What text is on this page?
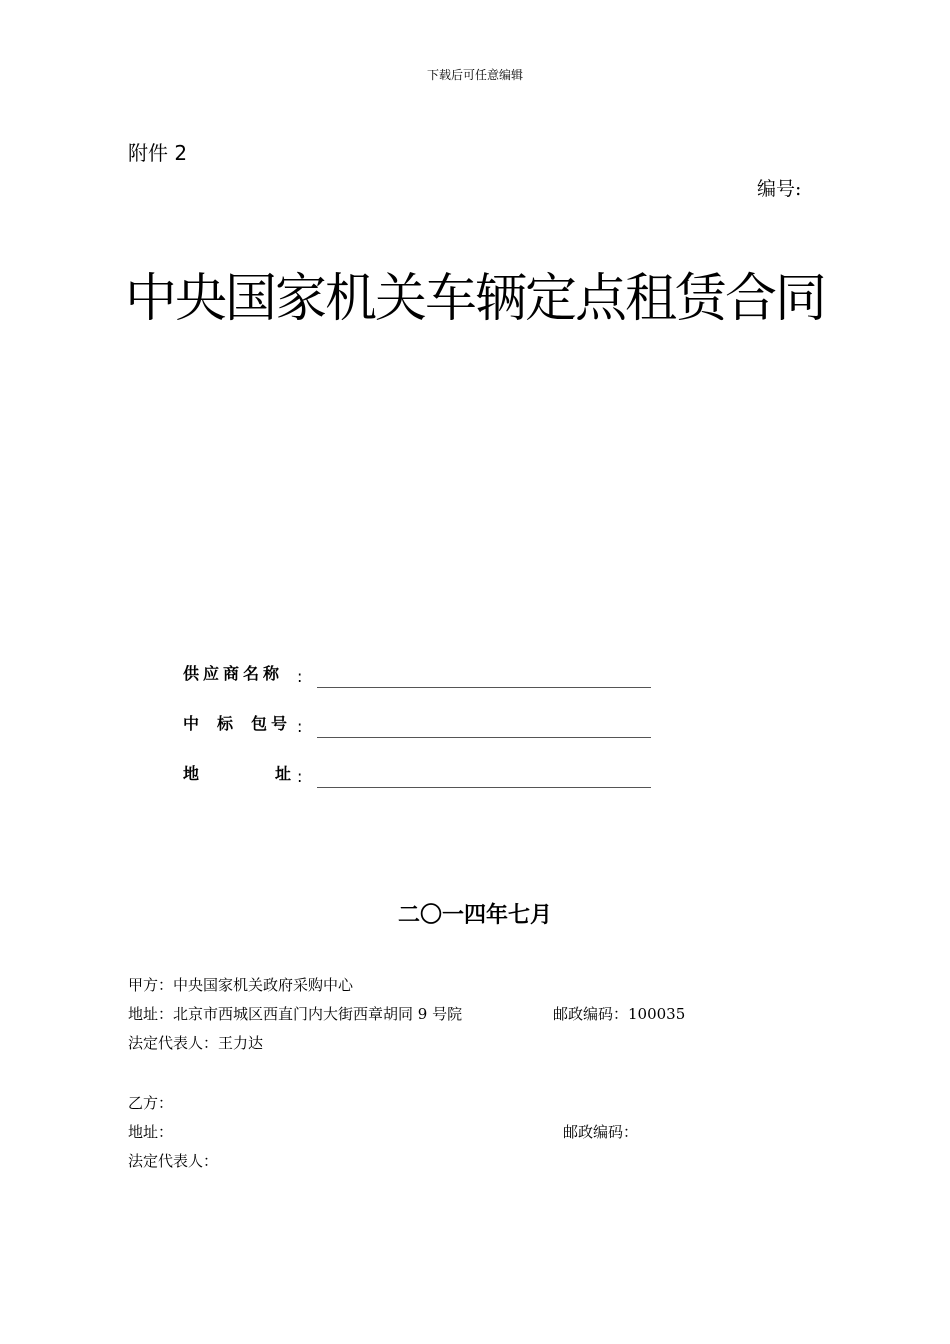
下载后可任意编辑
附件 2
编号:
中央国家机关车辆定点租赁合同
供应商名称 :
中 标 包号 :
地	址 :
二〇一四年七月
甲方：中央国家机关政府采购中心
地址：北京市西城区西直门内大街西章胡同 9 号院	邮政编码：100035
法定代表人：王力达
乙方：
地址：	邮政编码：
法定代表人：
